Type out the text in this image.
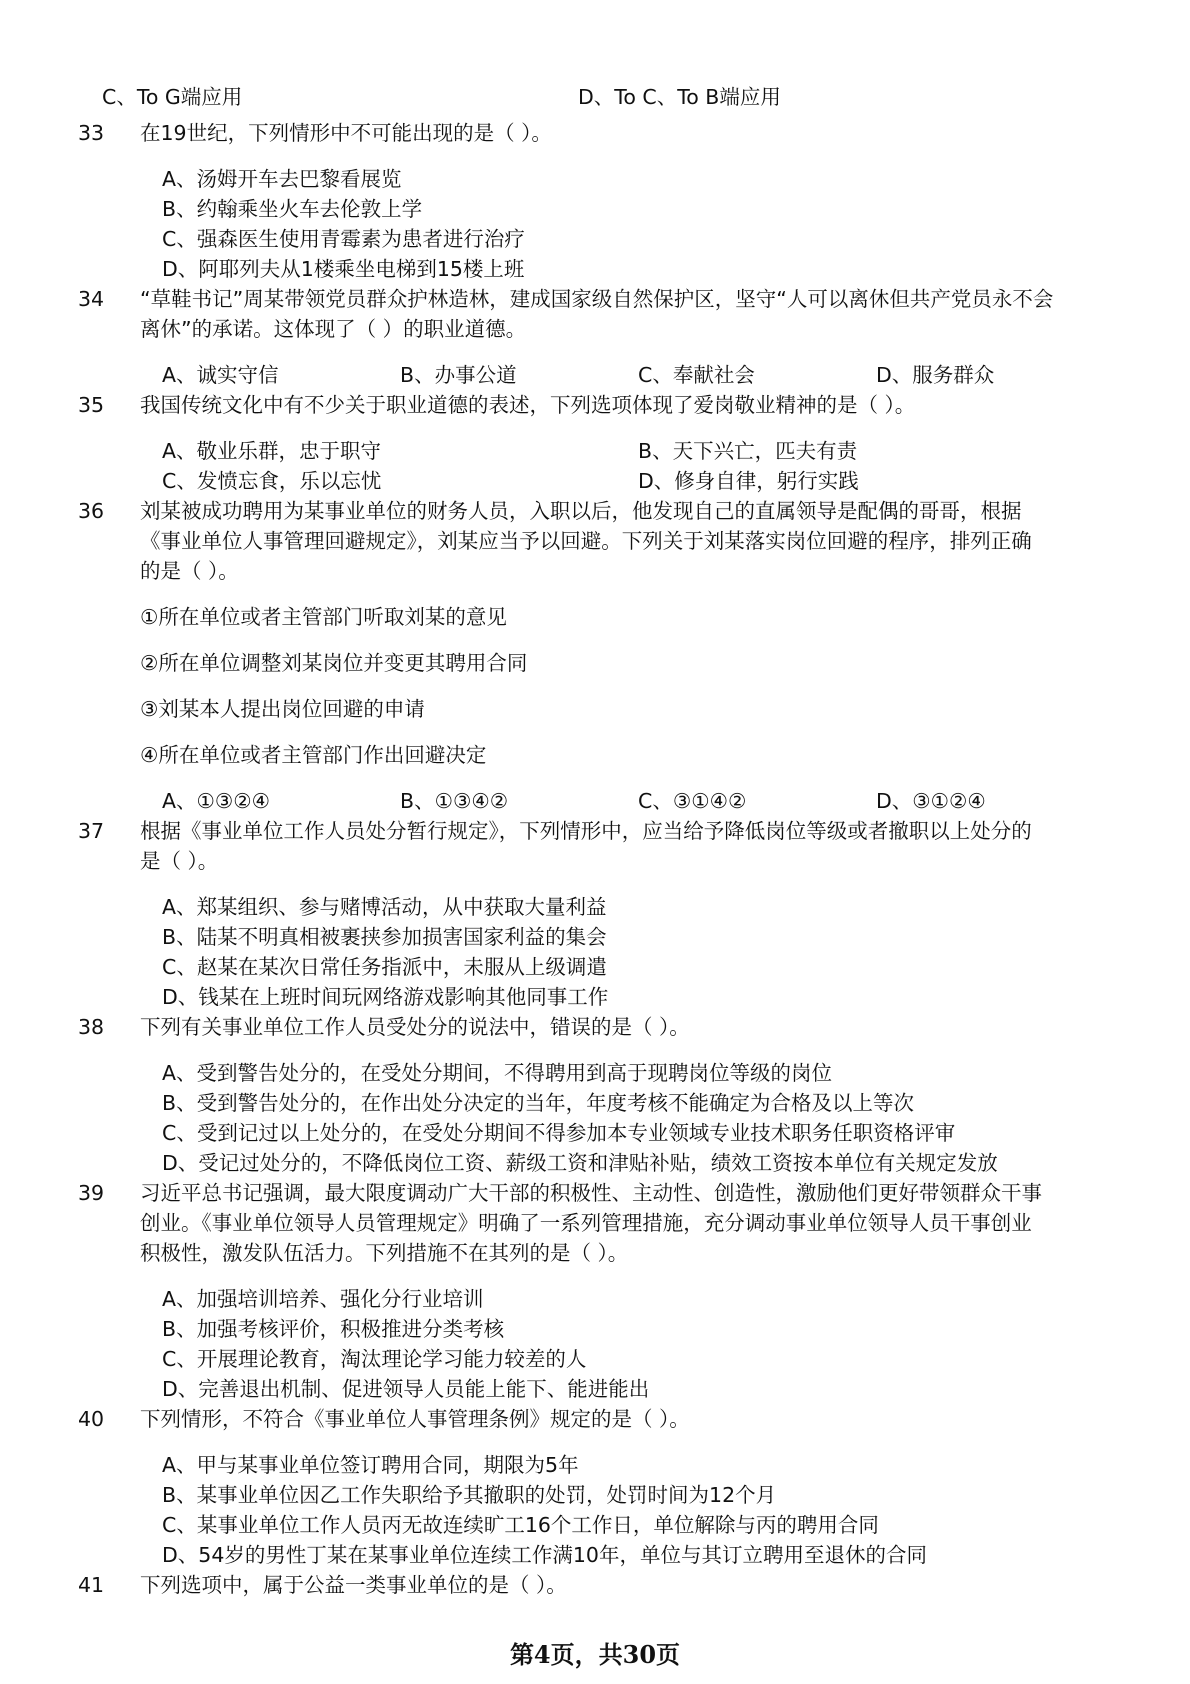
C、To G端应用	D、To C、To B端应用
33	在19世纪，下列情形中不可能出现的是（ ）。
A、汤姆开车去巴黎看展览
B、约翰乘坐火车去伦敦上学
C、强森医生使用青霉素为患者进行治疗
D、阿耶列夫从1楼乘坐电梯到15楼上班
34	“草鞋书记”周某带领党员群众护林造林，建成国家级自然保护区，坚守“人可以离休但共产党员永不会
离休”的承诺。这体现了（ ）的职业道德。
A、诚实守信	B、办事公道	C、奉献社会	D、服务群众
35	我国传统文化中有不少关于职业道德的表述，下列选项体现了爱岗敬业精神的是（ ）。
A、敬业乐群，忠于职守	B、天下兴亡，匹夫有责
C、发愤忘食，乐以忘忧	D、修身自律，躬行实践
36	刘某被成功聘用为某事业单位的财务人员，入职以后，他发现自己的直属领导是配偶的哥哥，根据
《事业单位人事管理回避规定》，刘某应当予以回避。下列关于刘某落实岗位回避的程序，排列正确
的是（ ）。
①所在单位或者主管部门听取刘某的意见
②所在单位调整刘某岗位并变更其聘用合同
③刘某本人提出岗位回避的申请
④所在单位或者主管部门作出回避决定
A、①③②④	B、①③④②	C、③①④②	D、③①②④
37	根据《事业单位工作人员处分暂行规定》，下列情形中，应当给予降低岗位等级或者撤职以上处分的
是（ ）。
A、郑某组织、参与赌博活动，从中获取大量利益
B、陆某不明真相被裹挟参加损害国家利益的集会
C、赵某在某次日常任务指派中，未服从上级调遣
D、钱某在上班时间玩网络游戏影响其他同事工作
38	下列有关事业单位工作人员受处分的说法中，错误的是（ ）。
A、受到警告处分的，在受处分期间，不得聘用到高于现聘岗位等级的岗位
B、受到警告处分的，在作出处分决定的当年，年度考核不能确定为合格及以上等次
C、受到记过以上处分的，在受处分期间不得参加本专业领域专业技术职务任职资格评审
D、受记过处分的，不降低岗位工资、薪级工资和津贴补贴，绩效工资按本单位有关规定发放
39	习近平总书记强调，最大限度调动广大干部的积极性、主动性、创造性，激励他们更好带领群众干事
创业。《事业单位领导人员管理规定》明确了一系列管理措施，充分调动事业单位领导人员干事创业
积极性，激发队伍活力。下列措施不在其列的是（ ）。
A、加强培训培养、强化分行业培训
B、加强考核评价，积极推进分类考核
C、开展理论教育，淘汰理论学习能力较差的人
D、完善退出机制、促进领导人员能上能下、能进能出
40	下列情形，不符合《事业单位人事管理条例》规定的是（ ）。
A、甲与某事业单位签订聘用合同，期限为5年
B、某事业单位因乙工作失职给予其撤职的处罚，处罚时间为12个月
C、某事业单位工作人员丙无故连续旷工16个工作日，单位解除与丙的聘用合同
D、54岁的男性丁某在某事业单位连续工作满10年，单位与其订立聘用至退休的合同
41	下列选项中，属于公益一类事业单位的是（ ）。
第4页，共30页
